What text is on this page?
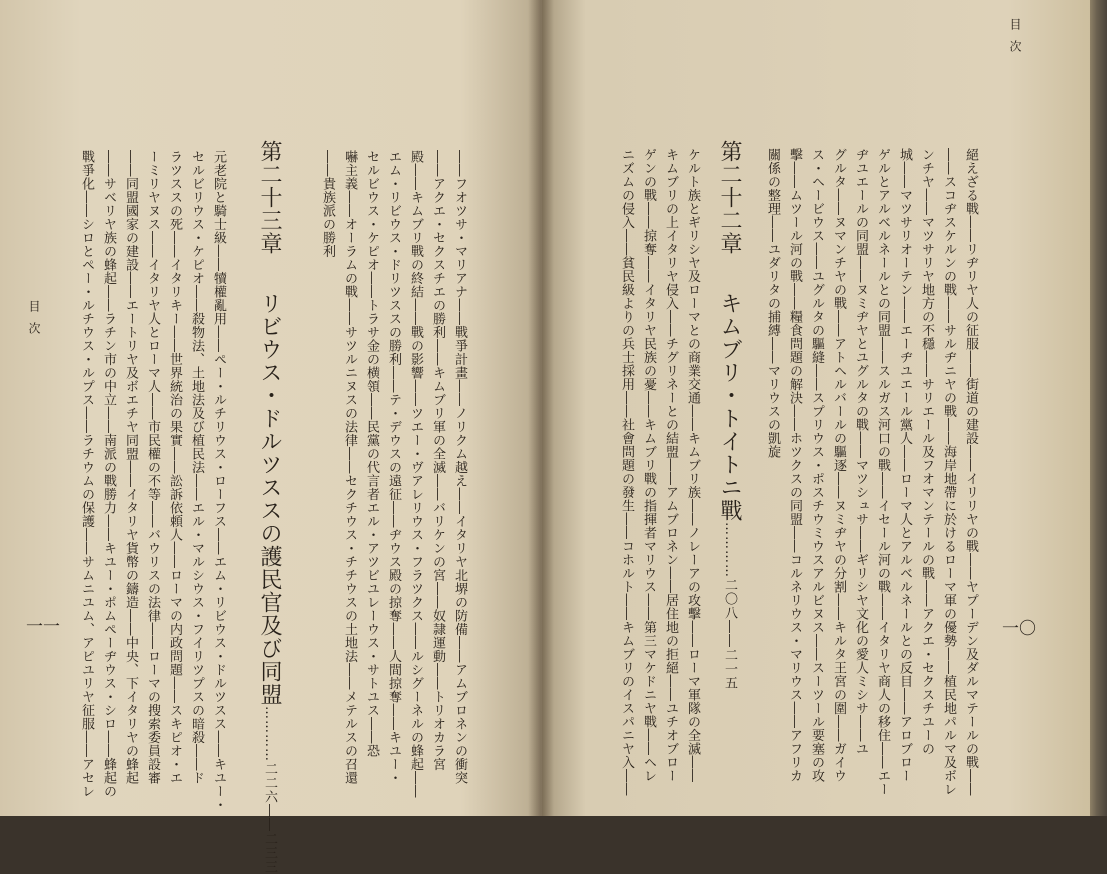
目次
一一	――フオツサ・マリアナ――戰爭計畫――ノリクム越え――イタリヤ北堺の防備――アムブロネンの衝突
――アクエ・セクスチエの勝利――キムブリ軍の全滅――バリケンの宮――奴隷運動――トリオカラ宮
殿――キムブリ戰の終結――戰の影響――ツエー・ヴアレリウス・フラツクス――ルシグーネルの蜂起――
エム・リビウス・ドリツススの勝利――テ・デウスの遠征――ヂウス殿の掠奪――人間掠奪――キユー・
セルビウス・ケピオ――トラサ金の横領――民黨の代言者エル・アツビユレーウス・サトユス――恐
嚇主義――オーラムの戰――サツルニヌスの法律――セクチウス・チチウスの土地法――メテルスの召還
――貴族派の勝利
第二十三章　リビウス・ドルツススの護民官及び同盟…………二二六――二三三
元老院と騎士級――犢權亂用――ペー・ルチリウス・ローフス――エム・リビウス・ドルツスス――キユー・
セルビリウス・ケピオ――殺物法、土地法及び植民法――エル・マルシウス・フイリツプスの暗殺――ド
ラツススの死――イタリキー――世界統治の果實――訟訴依頼人――ローマの内政問題――スキピオ・エ
ーミリヤヌス――イタリヤ人とローマ人――市民權の不等――バウリスの法律――ローマの搜索委員設審
――同盟國家の建設――エートリヤ及ボエチヤ同盟――イタリヤ貨幣の鑄造――中央、下イタリヤの蜂起
――サベリヤ族の蜂起――ラチン市の中立――南派の戰勝力――キユー・ポムペーヂウス・シロ――蜂起の
戰爭化――シロとペー・ルチウス・ルプス――ラチウムの保護――サムニユム、アピユリヤ征服――アセレ
目次
一〇
絕えざる戰――リヂリヤ人の征服――街道の建設――イリリヤの戰――ヤプーデン及ダルマテールの戰――
――スコヂスケルンの戰――サルヂニヤの戰――海岸地帶に於けるローマ軍の優勢――植民地パルマ及ボレ
ンチヤ――マツサリヤ地方の不穩――サリエール及フオマンテールの戰――アクエ・セクスチユーの
城――マツサリオーテン――エーヂユエール黨人――ローマ人とアルベルネールとの反目――アロブロー
ゲルとアルベルネールとの同盟――スルガス河口の戰――イセール河の戰――イタリヤ商人の移住――エー
ヂユエールの同盟――ヌミヂヤとユグルタの戰――マツシュサ――ギリシヤ文化の愛人ミシサ――ユ
グルタ――ヌマンチヤの戰――アトヘルバールの驅逐――ヌミヂヤの分割――キルタ王宮の圍――ガイウ
ス・ヘービウス――ユグルタの驅縫――スプリウス・ポスチウミウスアルビヌス――スーツール要塞の攻
擊――ムツール河の戰――糧食問題の解決――ホツクスの同盟――コルネリウス・マリウス――アフリカ
關係の整理――ユダリタの捕縛――マリウスの凱旋
第二十二章　キムブリ・トイトニ戰…………二〇八――二一五
ケルト族とギリシヤ及ローマとの商業交通――キムブリ族――ノレーアの攻擊――ローマ軍隊の全滅――
キムブリの上イタリヤ侵入――チグリネーとの結盟――アムブロネン――居住地の拒絕――ユチオブロー
ゲンの戰――掠奪――イタリヤ民族の憂――キムブリ戰の指揮者マリウス――第三マケドニヤ戰――ヘレ
ニズムの侵入――貧民級よりの兵士採用――社會問題の發生――コホルト――キムブリのイスパニヤ入――
